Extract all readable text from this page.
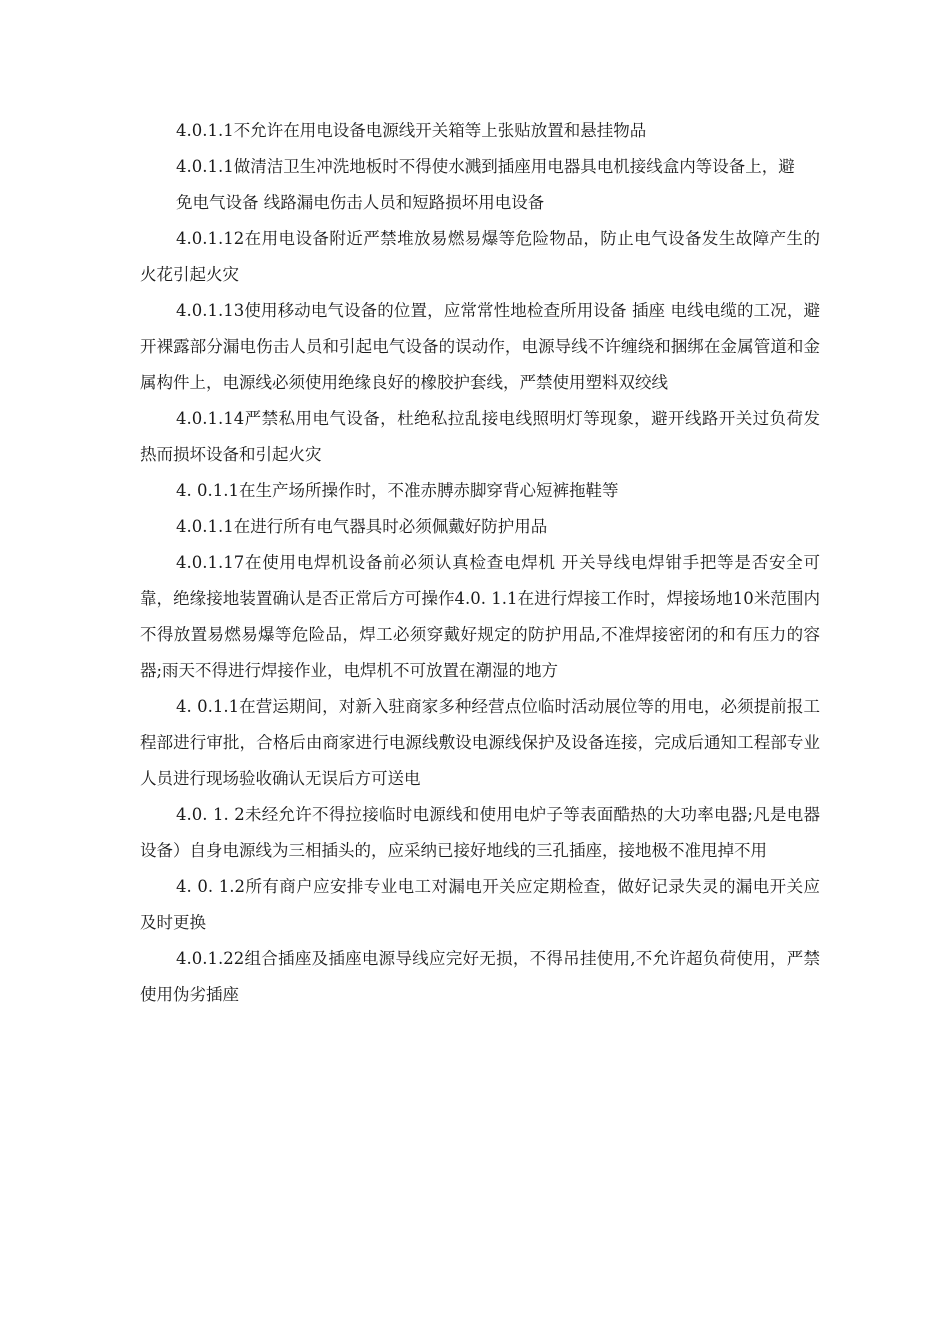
4.0.1.1不允许在用电设备电源线开关箱等上张贴放置和悬挂物品

4.0.1.1做清洁卫生冲洗地板时不得使水溅到插座用电器具电机接线盒内等设备上，避

免电气设备 线路漏电伤击人员和短路损坏用电设备

4.0.1.12在用电设备附近严禁堆放易燃易爆等危险物品，防止电气设备发生故障产生的火花引起火灾

4.0.1.13使用移动电气设备的位置，应常常性地检查所用设备 插座 电线电缆的工况，避开裸露部分漏电伤击人员和引起电气设备的误动作，电源导线不许缠绕和捆绑在金属管道和金属构件上，电源线必须使用绝缘良好的橡胶护套线，严禁使用塑料双绞线

4.0.1.14严禁私用电气设备，杜绝私拉乱接电线照明灯等现象，避开线路开关过负荷发热而损坏设备和引起火灾

4. 0.1.1在生产场所操作时，不准赤膊赤脚穿背心短裤拖鞋等

4.0.1.1在进行所有电气器具时必须佩戴好防护用品

4.0.1.17在使用电焊机设备前必须认真检查电焊机 开关导线电焊钳手把等是否安全可靠，绝缘接地装置确认是否正常后方可操作4.0. 1.1在进行焊接工作时，焊接场地10米范围内不得放置易燃易爆等危险品，焊工必须穿戴好规定的防护用品,不准焊接密闭的和有压力的容器;雨天不得进行焊接作业，电焊机不可放置在潮湿的地方

4. 0.1.1在营运期间，对新入驻商家多种经营点位临时活动展位等的用电，必须提前报工程部进行审批，合格后由商家进行电源线敷设电源线保护及设备连接，完成后通知工程部专业人员进行现场验收确认无误后方可送电

4.0. 1. 2未经允许不得拉接临时电源线和使用电炉子等表面酷热的大功率电器;凡是电器设备）自身电源线为三相插头的，应采纳已接好地线的三孔插座，接地极不准甩掉不用

4. 0. 1.2所有商户应安排专业电工对漏电开关应定期检查，做好记录失灵的漏电开关应及时更换

4.0.1.22组合插座及插座电源导线应完好无损，不得吊挂使用,不允许超负荷使用，严禁使用伪劣插座
